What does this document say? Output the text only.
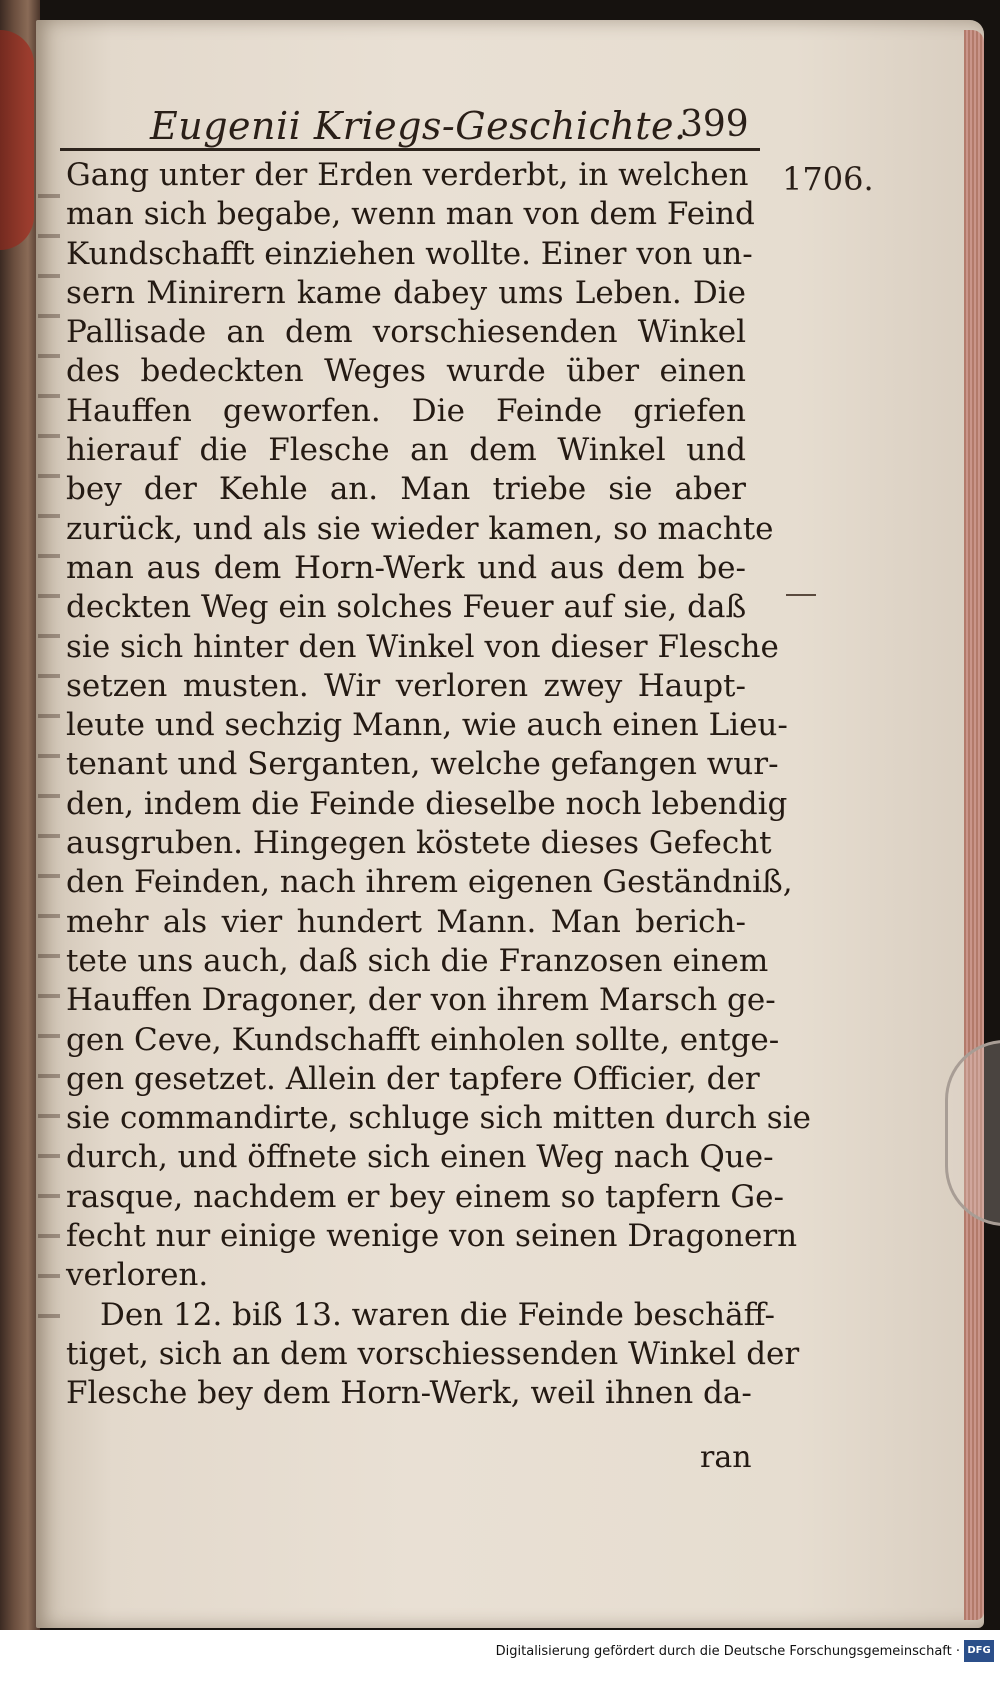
Eugenii Kriegs-Geschichte.
399
1706.
Gang unter der Erden verderbt, in welchen
man sich begabe, wenn man von dem Feind
Kundschafft einziehen wollte. Einer von un-
sern Minirern kame dabey ums Leben. Die
Pallisade an dem vorschiesenden Winkel
des bedeckten Weges wurde über einen
Hauffen geworfen. Die Feinde griefen
hierauf die Flesche an dem Winkel und
bey der Kehle an. Man triebe sie aber
zurück, und als sie wieder kamen, so machte
man aus dem Horn-Werk und aus dem be-
deckten Weg ein solches Feuer auf sie, daß
sie sich hinter den Winkel von dieser Flesche
setzen musten. Wir verloren zwey Haupt-
leute und sechzig Mann, wie auch einen Lieu-
tenant und Serganten, welche gefangen wur-
den, indem die Feinde dieselbe noch lebendig
ausgruben. Hingegen köstete dieses Gefecht
den Feinden, nach ihrem eigenen Geständniß,
mehr als vier hundert Mann. Man berich-
tete uns auch, daß sich die Franzosen einem
Hauffen Dragoner, der von ihrem Marsch ge-
gen Ceve, Kundschafft einholen sollte, entge-
gen gesetzet. Allein der tapfere Officier, der
sie commandirte, schluge sich mitten durch sie
durch, und öffnete sich einen Weg nach Que-
rasque, nachdem er bey einem so tapfern Ge-
fecht nur einige wenige von seinen Dragonern
verloren.
Den 12. biß 13. waren die Feinde beschäff-
tiget, sich an dem vorschiessenden Winkel der
Flesche bey dem Horn-Werk, weil ihnen da-
ran
Digitalisierung gefördert durch die Deutsche Forschungsgemeinschaft · DFG
